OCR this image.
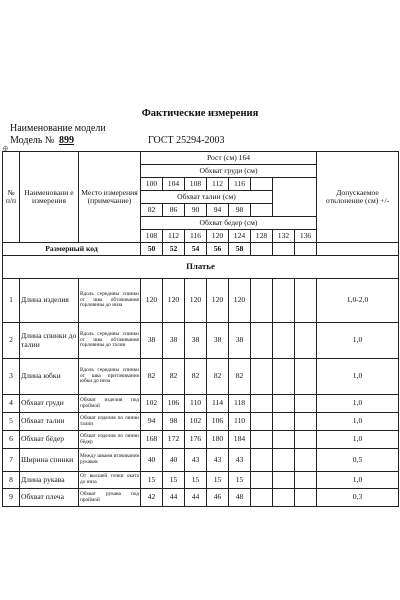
Фактические измерения
Наименование модели
Модель № 899	ГОСТ 25294-2003
⊕
№ п/п	Наименовани е измерения	Место измерения (примечание)	Рост (см) 164								Допускаемое отклонение (см) +/-
			Обхват груди (см)								
			100	104	108	112	116				
			Обхват талии (см)								
			82	86	90	94	98				
			Обхват бедер (см)								
			108	112	116	120	124	128	132	136	
Размерный код			50	52	54	56	58				
Платье											
1	Длина изделия	Вдоль середины спинки от шва обтачивания горловины до низа	120	120	120	120	120				1,0-2,0
2	Длина спинки до талии	Вдоль середины спинки от шва обтачивания горловины до талии	38	38	38	38	38				1,0
3	Длина юбки	Вдоль середины спинки от шва притачивания юбки до низа	82	82	82	82	82				1,0
4	Обхват груди	Обхват изделия под проймой	102	106	110	114	118				1,0
5	Обхват талии	Обхват изделия по линии талии	94	98	102	106	110				1,0
6	Обхват бёдер	Обхват изделия по линии бёдер	168	172	176	180	184				1,0
7	Ширина спинки	Между швами втачивания рукавов	40	40	43	43	43				0,5
8	Длина рукава	От высшей точки оката до низа	15	15	15	15	15				1,0
9	Обхват плеча	Обхват рукава под проймой	42	44	44	46	48				0,3
